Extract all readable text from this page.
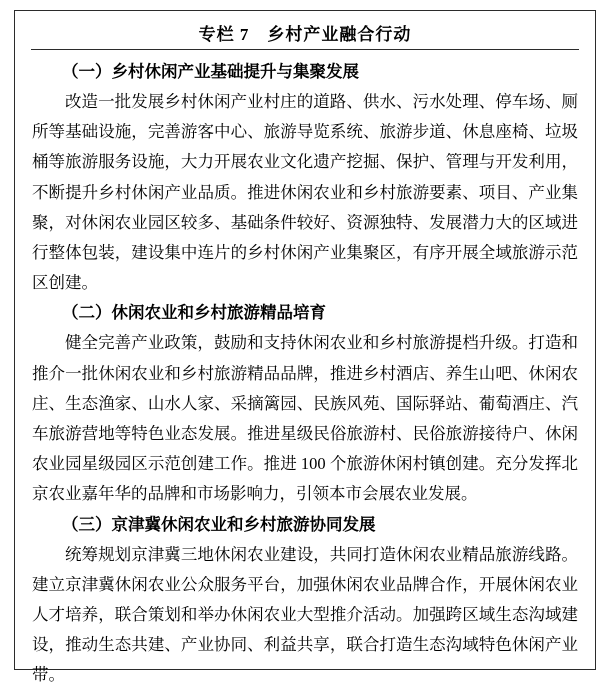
专栏 7 乡村产业融合行动

（一）乡村休闲产业基础提升与集聚发展

改造一批发展乡村休闲产业村庄的道路、供水、污水处理、停车场、厕所等基础设施，完善游客中心、旅游导览系统、旅游步道、休息座椅、垃圾桶等旅游服务设施，大力开展农业文化遗产挖掘、保护、管理与开发利用，不断提升乡村休闲产业品质。推进休闲农业和乡村旅游要素、项目、产业集聚，对休闲农业园区较多、基础条件较好、资源独特、发展潜力大的区域进行整体包装，建设集中连片的乡村休闲产业集聚区，有序开展全域旅游示范区创建。

（二）休闲农业和乡村旅游精品培育

健全完善产业政策，鼓励和支持休闲农业和乡村旅游提档升级。打造和推介一批休闲农业和乡村旅游精品品牌，推进乡村酒店、养生山吧、休闲农庄、生态渔家、山水人家、采摘篱园、民族风苑、国际驿站、葡萄酒庄、汽车旅游营地等特色业态发展。推进星级民俗旅游村、民俗旅游接待户、休闲农业园星级园区示范创建工作。推进 100 个旅游休闲村镇创建。充分发挥北京农业嘉年华的品牌和市场影响力，引领本市会展农业发展。

（三）京津冀休闲农业和乡村旅游协同发展

统筹规划京津冀三地休闲农业建设，共同打造休闲农业精品旅游线路。建立京津冀休闲农业公众服务平台，加强休闲农业品牌合作，开展休闲农业人才培养，联合策划和举办休闲农业大型推介活动。加强跨区域生态沟域建设，推动生态共建、产业协同、利益共享，联合打造生态沟域特色休闲产业带。
